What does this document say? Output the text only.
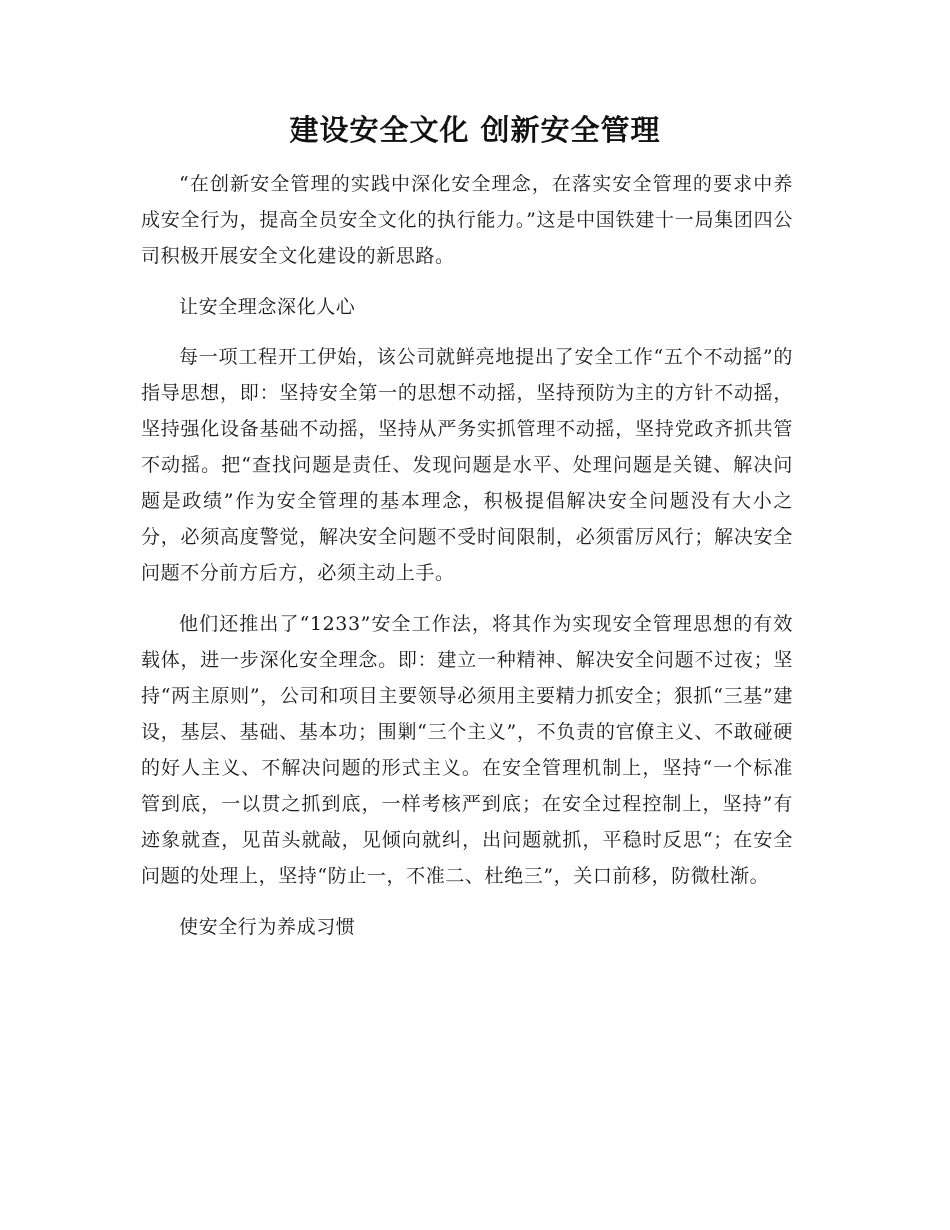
建设安全文化 创新安全管理

“在创新安全管理的实践中深化安全理念，在落实安全管理的要求中养成安全行为，提高全员安全文化的执行能力。”这是中国铁建十一局集团四公司积极开展安全文化建设的新思路。

让安全理念深化人心

每一项工程开工伊始，该公司就鲜亮地提出了安全工作“五个不动摇”的指导思想，即：坚持安全第一的思想不动摇，坚持预防为主的方针不动摇，坚持强化设备基础不动摇，坚持从严务实抓管理不动摇，坚持党政齐抓共管不动摇。把“查找问题是责任、发现问题是水平、处理问题是关键、解决问题是政绩”作为安全管理的基本理念，积极提倡解决安全问题没有大小之分，必须高度警觉，解决安全问题不受时间限制，必须雷厉风行；解决安全问题不分前方后方，必须主动上手。

他们还推出了“1233”安全工作法，将其作为实现安全管理思想的有效载体，进一步深化安全理念。即：建立一种精神、解决安全问题不过夜；坚持“两主原则”，公司和项目主要领导必须用主要精力抓安全；狠抓“三基”建设，基层、基础、基本功；围剿“三个主义”，不负责的官僚主义、不敢碰硬的好人主义、不解决问题的形式主义。在安全管理机制上，坚持“一个标准管到底，一以贯之抓到底，一样考核严到底；在安全过程控制上，坚持”有迹象就查，见苗头就敲，见倾向就纠，出问题就抓，平稳时反思“；在安全问题的处理上，坚持“防止一，不准二、杜绝三”，关口前移，防微杜渐。

使安全行为养成习惯
